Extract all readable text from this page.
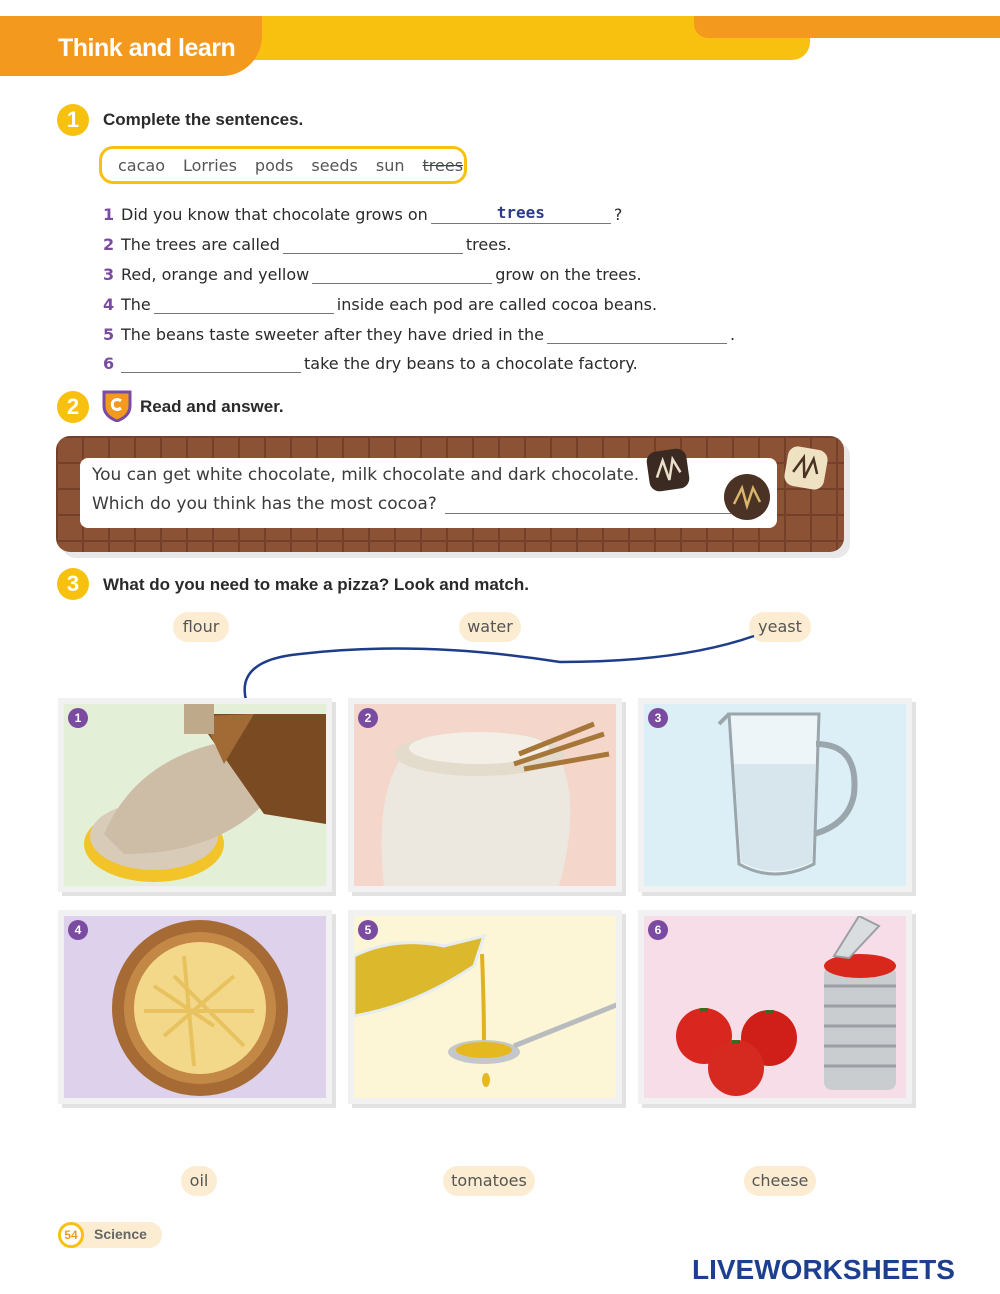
Think and learn
1	Complete the sentences.
cacao Lorries pods seeds sun trees
1 Did you know that chocolate grows on	trees	?
2 The trees are called	trees.
3 Red, orange and yellow	grow on the trees.
4 The	inside each pod are called cocoa beans.
5 The beans taste sweeter after they have dried in the	.
6	take the dry beans to a chocolate factory.
2	Read and answer.
You can get white chocolate, milk chocolate and dark chocolate.
Which do you think has the most cocoa?
3	What do you need to make a pizza? Look and match.
flour	water	yeast
1	2	3
4	5	6
oil	tomatoes	cheese
54	Science
LIVEWORKSHEETS
